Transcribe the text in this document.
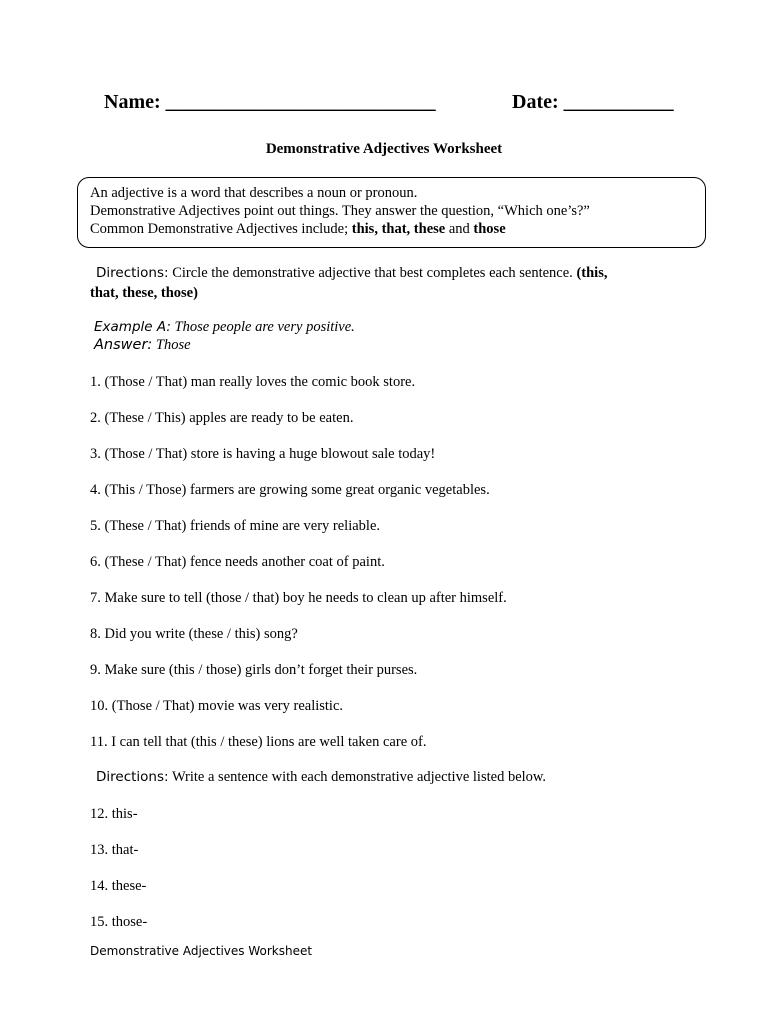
Name: ___________________________	Date: ___________
Demonstrative Adjectives Worksheet
An adjective is a word that describes a noun or pronoun.
Demonstrative Adjectives point out things. They answer the question, “Which one’s?”
Common Demonstrative Adjectives include; this, that, these and those
Directions: Circle the demonstrative adjective that best completes each sentence. (this,
that, these, those)
Example A: Those people are very positive.
Answer: Those
1. (Those / That) man really loves the comic book store.
2. (These / This) apples are ready to be eaten.
3. (Those / That) store is having a huge blowout sale today!
4. (This / Those) farmers are growing some great organic vegetables.
5. (These / That) friends of mine are very reliable.
6. (These / That) fence needs another coat of paint.
7. Make sure to tell (those / that) boy he needs to clean up after himself.
8. Did you write (these / this) song?
9. Make sure (this / those) girls don’t forget their purses.
10. (Those / That) movie was very realistic.
11. I can tell that (this / these) lions are well taken care of.
Directions: Write a sentence with each demonstrative adjective listed below.
12. this-
13. that-
14. these-
15. those-
Demonstrative Adjectives Worksheet
